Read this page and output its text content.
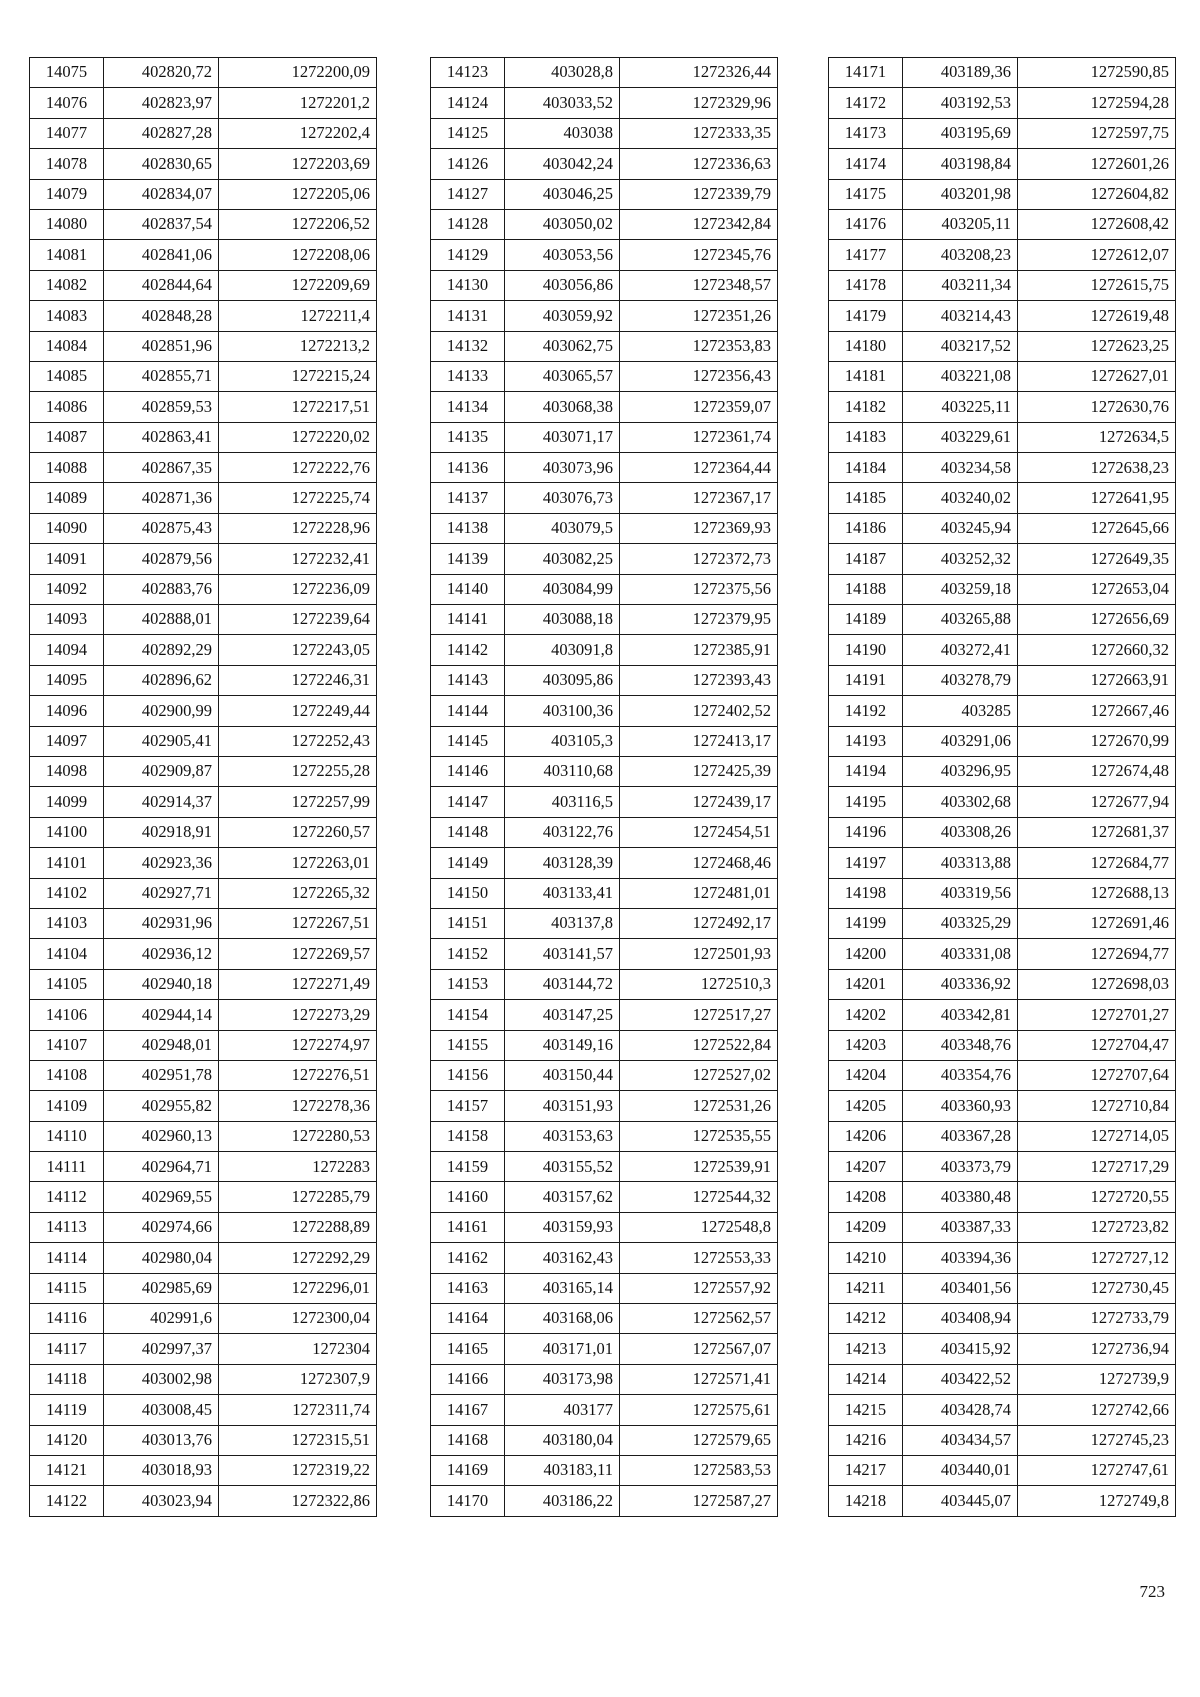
14075	402820,72	1272200,09
14076	402823,97	1272201,2
14077	402827,28	1272202,4
14078	402830,65	1272203,69
14079	402834,07	1272205,06
14080	402837,54	1272206,52
14081	402841,06	1272208,06
14082	402844,64	1272209,69
14083	402848,28	1272211,4
14084	402851,96	1272213,2
14085	402855,71	1272215,24
14086	402859,53	1272217,51
14087	402863,41	1272220,02
14088	402867,35	1272222,76
14089	402871,36	1272225,74
14090	402875,43	1272228,96
14091	402879,56	1272232,41
14092	402883,76	1272236,09
14093	402888,01	1272239,64
14094	402892,29	1272243,05
14095	402896,62	1272246,31
14096	402900,99	1272249,44
14097	402905,41	1272252,43
14098	402909,87	1272255,28
14099	402914,37	1272257,99
14100	402918,91	1272260,57
14101	402923,36	1272263,01
14102	402927,71	1272265,32
14103	402931,96	1272267,51
14104	402936,12	1272269,57
14105	402940,18	1272271,49
14106	402944,14	1272273,29
14107	402948,01	1272274,97
14108	402951,78	1272276,51
14109	402955,82	1272278,36
14110	402960,13	1272280,53
14111	402964,71	1272283
14112	402969,55	1272285,79
14113	402974,66	1272288,89
14114	402980,04	1272292,29
14115	402985,69	1272296,01
14116	402991,6	1272300,04
14117	402997,37	1272304
14118	403002,98	1272307,9
14119	403008,45	1272311,74
14120	403013,76	1272315,51
14121	403018,93	1272319,22
14122	403023,94	1272322,86
14123	403028,8	1272326,44
14124	403033,52	1272329,96
14125	403038	1272333,35
14126	403042,24	1272336,63
14127	403046,25	1272339,79
14128	403050,02	1272342,84
14129	403053,56	1272345,76
14130	403056,86	1272348,57
14131	403059,92	1272351,26
14132	403062,75	1272353,83
14133	403065,57	1272356,43
14134	403068,38	1272359,07
14135	403071,17	1272361,74
14136	403073,96	1272364,44
14137	403076,73	1272367,17
14138	403079,5	1272369,93
14139	403082,25	1272372,73
14140	403084,99	1272375,56
14141	403088,18	1272379,95
14142	403091,8	1272385,91
14143	403095,86	1272393,43
14144	403100,36	1272402,52
14145	403105,3	1272413,17
14146	403110,68	1272425,39
14147	403116,5	1272439,17
14148	403122,76	1272454,51
14149	403128,39	1272468,46
14150	403133,41	1272481,01
14151	403137,8	1272492,17
14152	403141,57	1272501,93
14153	403144,72	1272510,3
14154	403147,25	1272517,27
14155	403149,16	1272522,84
14156	403150,44	1272527,02
14157	403151,93	1272531,26
14158	403153,63	1272535,55
14159	403155,52	1272539,91
14160	403157,62	1272544,32
14161	403159,93	1272548,8
14162	403162,43	1272553,33
14163	403165,14	1272557,92
14164	403168,06	1272562,57
14165	403171,01	1272567,07
14166	403173,98	1272571,41
14167	403177	1272575,61
14168	403180,04	1272579,65
14169	403183,11	1272583,53
14170	403186,22	1272587,27
14171	403189,36	1272590,85
14172	403192,53	1272594,28
14173	403195,69	1272597,75
14174	403198,84	1272601,26
14175	403201,98	1272604,82
14176	403205,11	1272608,42
14177	403208,23	1272612,07
14178	403211,34	1272615,75
14179	403214,43	1272619,48
14180	403217,52	1272623,25
14181	403221,08	1272627,01
14182	403225,11	1272630,76
14183	403229,61	1272634,5
14184	403234,58	1272638,23
14185	403240,02	1272641,95
14186	403245,94	1272645,66
14187	403252,32	1272649,35
14188	403259,18	1272653,04
14189	403265,88	1272656,69
14190	403272,41	1272660,32
14191	403278,79	1272663,91
14192	403285	1272667,46
14193	403291,06	1272670,99
14194	403296,95	1272674,48
14195	403302,68	1272677,94
14196	403308,26	1272681,37
14197	403313,88	1272684,77
14198	403319,56	1272688,13
14199	403325,29	1272691,46
14200	403331,08	1272694,77
14201	403336,92	1272698,03
14202	403342,81	1272701,27
14203	403348,76	1272704,47
14204	403354,76	1272707,64
14205	403360,93	1272710,84
14206	403367,28	1272714,05
14207	403373,79	1272717,29
14208	403380,48	1272720,55
14209	403387,33	1272723,82
14210	403394,36	1272727,12
14211	403401,56	1272730,45
14212	403408,94	1272733,79
14213	403415,92	1272736,94
14214	403422,52	1272739,9
14215	403428,74	1272742,66
14216	403434,57	1272745,23
14217	403440,01	1272747,61
14218	403445,07	1272749,8
723
